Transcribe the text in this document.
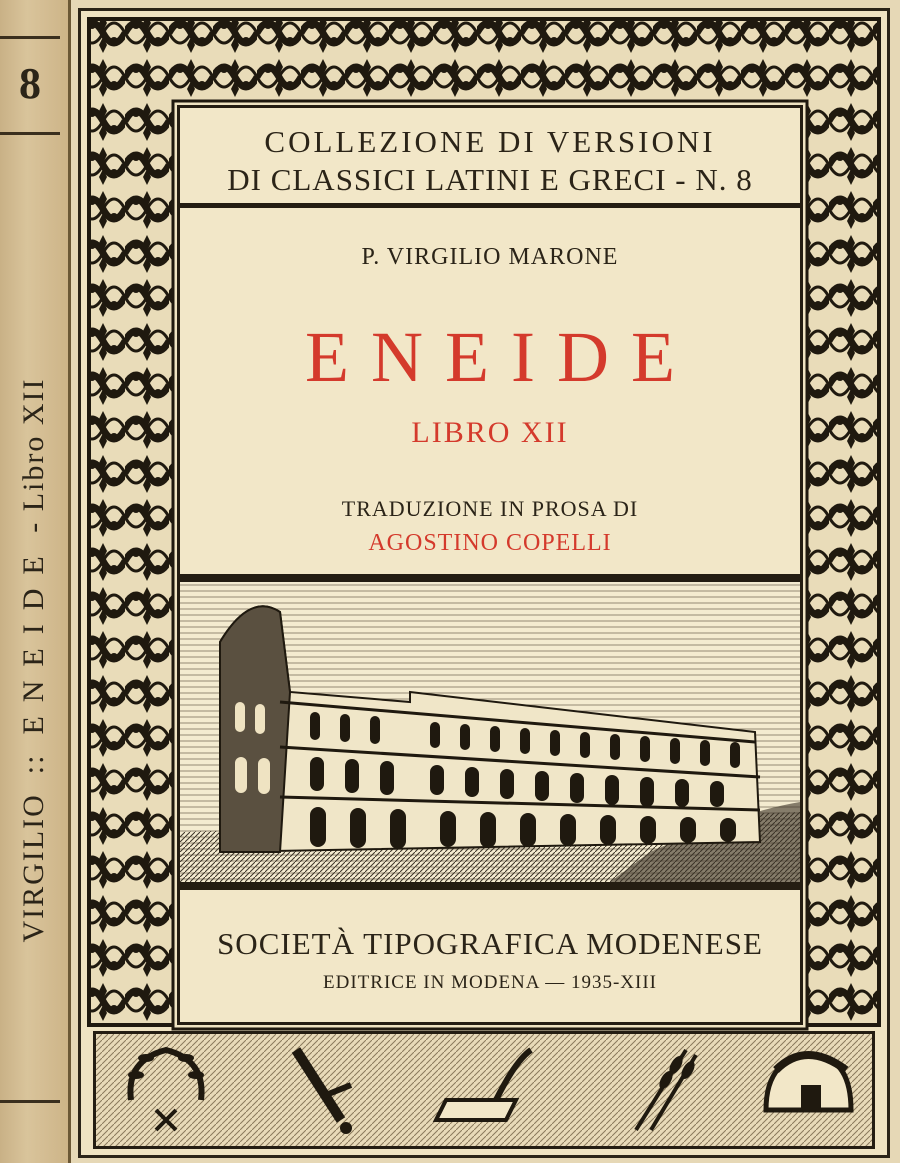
8
VIRGILIO  ::  ENEIDE - Libro XII
COLLEZIONE DI VERSIONI
DI CLASSICI LATINI E GRECI - N. 8
P. VIRGILIO MARONE
ENEIDE
LIBRO XII
TRADUZIONE IN PROSA DI
AGOSTINO COPELLI
SOCIETÀ TIPOGRAFICA MODENESE
EDITRICE IN MODENA — 1935-XIII
